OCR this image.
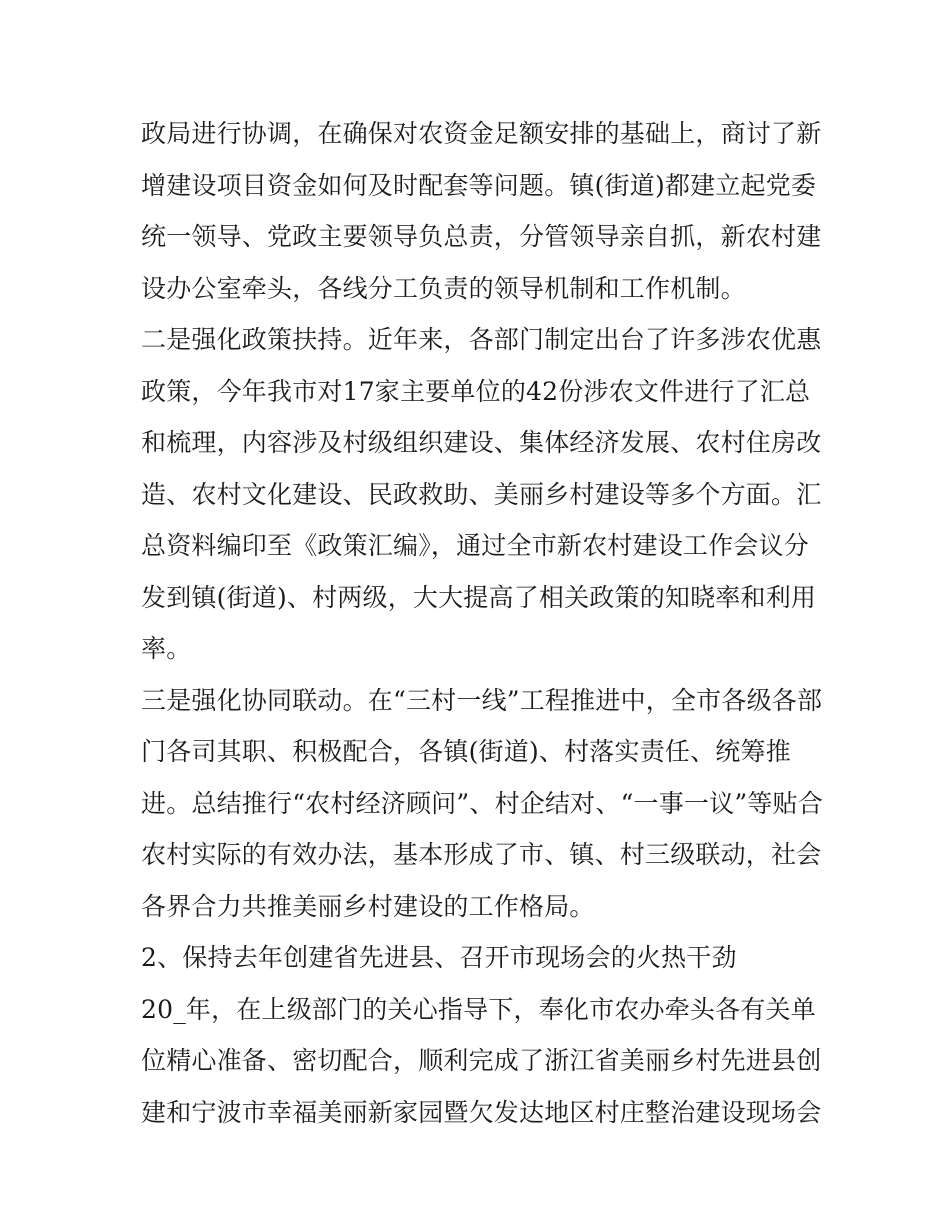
政局进行协调，在确保对农资金足额安排的基础上，商讨了新
增建设项目资金如何及时配套等问题。镇(街道)都建立起党委
统一领导、党政主要领导负总责，分管领导亲自抓，新农村建
设办公室牵头，各线分工负责的领导机制和工作机制。
二是强化政策扶持。近年来，各部门制定出台了许多涉农优惠
政策，今年我市对17家主要单位的42份涉农文件进行了汇总
和梳理，内容涉及村级组织建设、集体经济发展、农村住房改
造、农村文化建设、民政救助、美丽乡村建设等多个方面。汇
总资料编印至《政策汇编》，通过全市新农村建设工作会议分
发到镇(街道)、村两级，大大提高了相关政策的知晓率和利用
率。
三是强化协同联动。在“三村一线”工程推进中，全市各级各部
门各司其职、积极配合，各镇(街道)、村落实责任、统筹推
进。总结推行“农村经济顾问”、村企结对、“一事一议”等贴合
农村实际的有效办法，基本形成了市、镇、村三级联动，社会
各界合力共推美丽乡村建设的工作格局。
2、保持去年创建省先进县、召开市现场会的火热干劲
20_年，在上级部门的关心指导下，奉化市农办牵头各有关单
位精心准备、密切配合，顺利完成了浙江省美丽乡村先进县创
建和宁波市幸福美丽新家园暨欠发达地区村庄整治建设现场会
